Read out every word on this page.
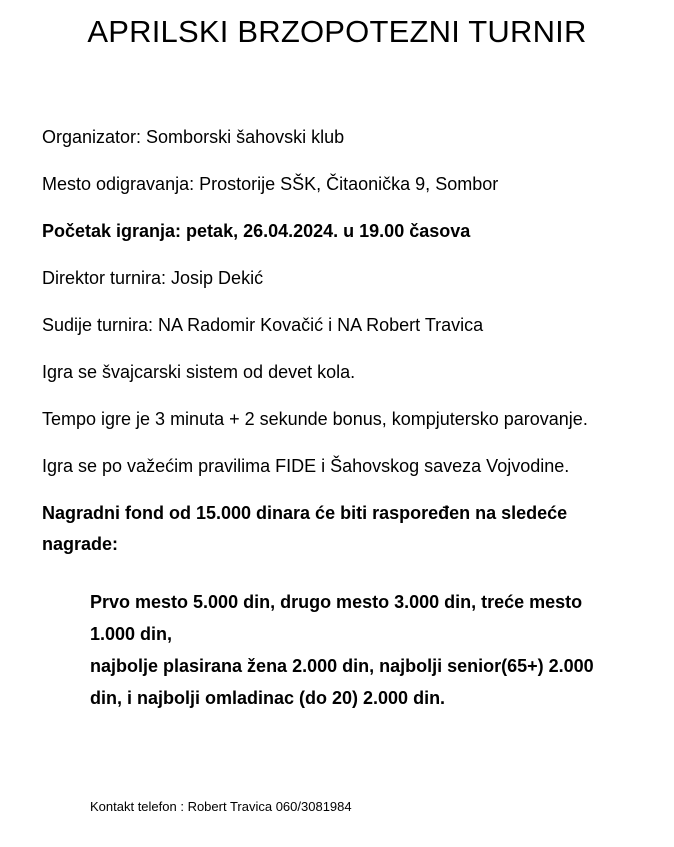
APRILSKI BRZOPOTEZNI TURNIR
Organizator: Somborski šahovski klub
Mesto odigravanja: Prostorije SŠK, Čitaonička 9, Sombor
Početak igranja: petak, 26.04.2024. u 19.00 časova
Direktor turnira: Josip Dekić
Sudije turnira: NA Radomir Kovačić i NA Robert Travica
Igra se švajcarski sistem od devet kola.
Tempo igre je 3 minuta + 2 sekunde bonus, kompjutersko parovanje.
Igra se po važećim pravilima FIDE i Šahovskog saveza Vojvodine.
Nagradni fond od 15.000 dinara će biti raspoređen na sledeće nagrade:
Prvo mesto 5.000 din, drugo mesto 3.000 din, treće mesto 1.000 din,
najbolje plasirana žena 2.000 din, najbolji senior(65+) 2.000 din, i najbolji omladinac (do 20) 2.000 din.
Kontakt telefon : Robert Travica 060/3081984
